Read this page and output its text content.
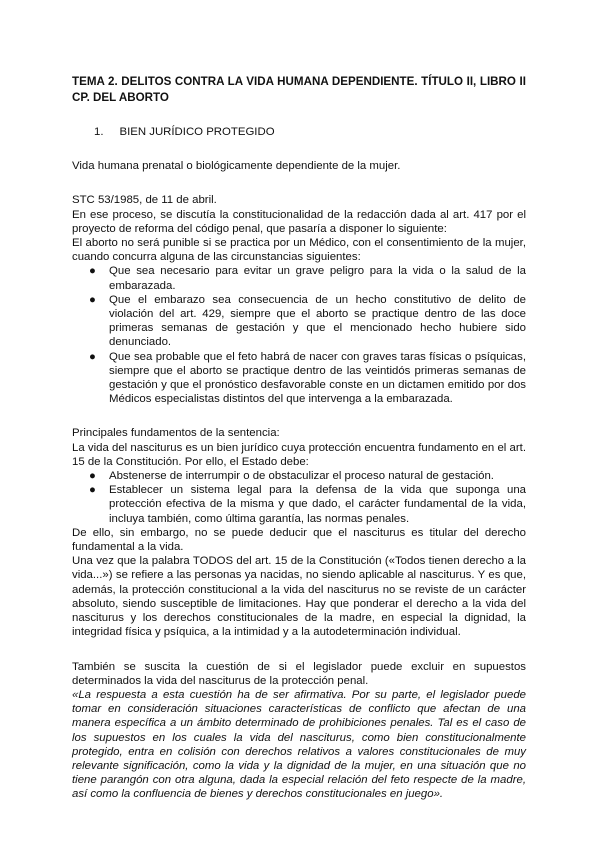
TEMA 2. DELITOS CONTRA LA VIDA HUMANA DEPENDIENTE. TÍTULO II, LIBRO II CP. DEL ABORTO

1. BIEN JURÍDICO PROTEGIDO

Vida humana prenatal o biológicamente dependiente de la mujer.

STC 53/1985, de 11 de abril.

En ese proceso, se discutía la constitucionalidad de la redacción dada al art. 417 por el proyecto de reforma del código penal, que pasaría a disponer lo siguiente:

El aborto no será punible si se practica por un Médico, con el consentimiento de la mujer, cuando concurra alguna de las circunstancias siguientes:

● Que sea necesario para evitar un grave peligro para la vida o la salud de la embarazada.
● Que el embarazo sea consecuencia de un hecho constitutivo de delito de violación del art. 429, siempre que el aborto se practique dentro de las doce primeras semanas de gestación y que el mencionado hecho hubiere sido denunciado.
● Que sea probable que el feto habrá de nacer con graves taras físicas o psíquicas, siempre que el aborto se practique dentro de las veintidós primeras semanas de gestación y que el pronóstico desfavorable conste en un dictamen emitido por dos Médicos especialistas distintos del que intervenga a la embarazada.

Principales fundamentos de la sentencia:

La vida del nasciturus es un bien jurídico cuya protección encuentra fundamento en el art. 15 de la Constitución. Por ello, el Estado debe:

● Abstenerse de interrumpir o de obstaculizar el proceso natural de gestación.
● Establecer un sistema legal para la defensa de la vida que suponga una protección efectiva de la misma y que dado, el carácter fundamental de la vida, incluya también, como última garantía, las normas penales.

De ello, sin embargo, no se puede deducir que el nasciturus es titular del derecho fundamental a la vida.

Una vez que la palabra TODOS del art. 15 de la Constitución («Todos tienen derecho a la vida...») se refiere a las personas ya nacidas, no siendo aplicable al nasciturus. Y es que, además, la protección constitucional a la vida del nasciturus no se reviste de un carácter absoluto, siendo susceptible de limitaciones. Hay que ponderar el derecho a la vida del nasciturus y los derechos constitucionales de la madre, en especial la dignidad, la integridad física y psíquica, a la intimidad y a la autodeterminación individual.

También se suscita la cuestión de si el legislador puede excluir en supuestos determinados la vida del nasciturus de la protección penal.

«La respuesta a esta cuestión ha de ser afirmativa. Por su parte, el legislador puede tomar en consideración situaciones características de conflicto que afectan de una manera específica a un ámbito determinado de prohibiciones penales. Tal es el caso de los supuestos en los cuales la vida del nasciturus, como bien constitucionalmente protegido, entra en colisión con derechos relativos a valores constitucionales de muy relevante significación, como la vida y la dignidad de la mujer, en una situación que no tiene parangón con otra alguna, dada la especial relación del feto respecte de la madre, así como la confluencia de bienes y derechos constitucionales en juego».
